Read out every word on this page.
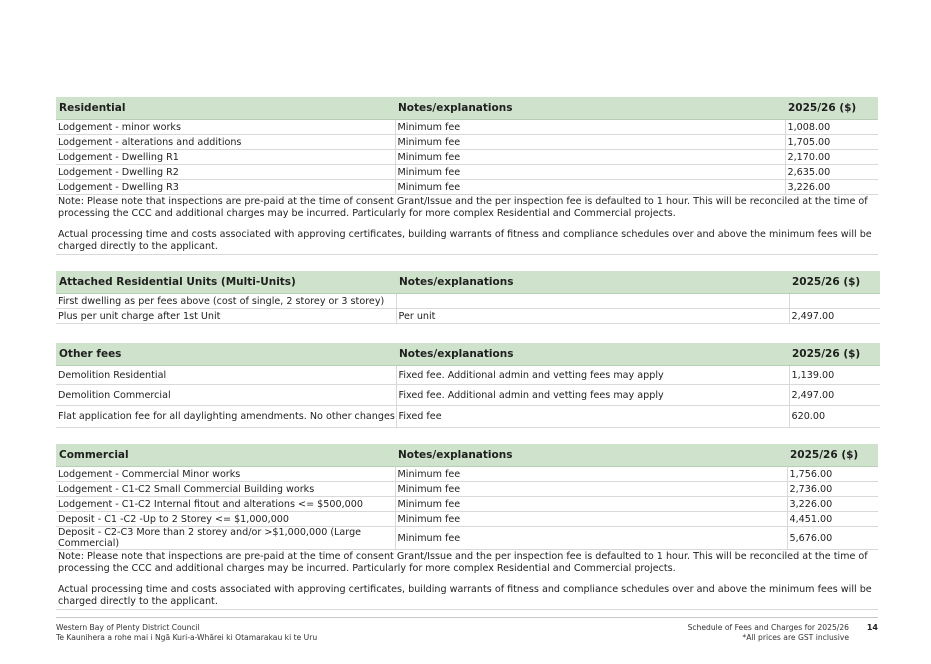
Residential	Notes/explanations	2025/26 ($)
Lodgement - minor works	Minimum fee	1,008.00
Lodgement - alterations and additions	Minimum fee	1,705.00
Lodgement - Dwelling R1	Minimum fee	2,170.00
Lodgement - Dwelling R2	Minimum fee	2,635.00
Lodgement - Dwelling R3	Minimum fee	3,226.00

Note: Please note that inspections are pre-paid at the time of consent Grant/Issue and the per inspection fee is defaulted to 1 hour. This will be reconciled at the time of processing the CCC and additional charges may be incurred. Particularly for more complex Residential and Commercial projects.

Actual processing time and costs associated with approving certificates, building warrants of fitness and compliance schedules over and above the minimum fees will be charged directly to the applicant.

Attached Residential Units (Multi-Units)	Notes/explanations	2025/26 ($)
First dwelling as per fees above (cost of single, 2 storey or 3 storey)		
Plus per unit charge after 1st Unit	Per unit	2,497.00
Other fees	Notes/explanations	2025/26 ($)
Demolition Residential	Fixed fee. Additional admin and vetting fees may apply	1,139.00
Demolition Commercial	Fixed fee. Additional admin and vetting fees may apply	2,497.00
Flat application fee for all daylighting amendments. No other changes	Fixed fee	620.00
Commercial	Notes/explanations	2025/26 ($)
Lodgement - Commercial Minor works	Minimum fee	1,756.00
Lodgement - C1-C2 Small Commercial Building works	Minimum fee	2,736.00
Lodgement - C1-C2 Internal fitout and alterations <= $500,000	Minimum fee	3,226.00
Deposit - C1 -C2 -Up to 2 Storey <= $1,000,000	Minimum fee	4,451.00
Deposit - C2-C3 More than 2 storey and/or >$1,000,000 (Large Commercial)	Minimum fee	5,676.00

Note: Please note that inspections are pre-paid at the time of consent Grant/Issue and the per inspection fee is defaulted to 1 hour. This will be reconciled at the time of processing the CCC and additional charges may be incurred. Particularly for more complex Residential and Commercial projects.

Actual processing time and costs associated with approving certificates, building warrants of fitness and compliance schedules over and above the minimum fees will be charged directly to the applicant.

Western Bay of Plenty District Council
Te Kaunihera a rohe mai i Ngā Kuri-a-Whārei ki Otamarakau ki te Uru
Schedule of Fees and Charges for 2025/26
*All prices are GST inclusive
14
